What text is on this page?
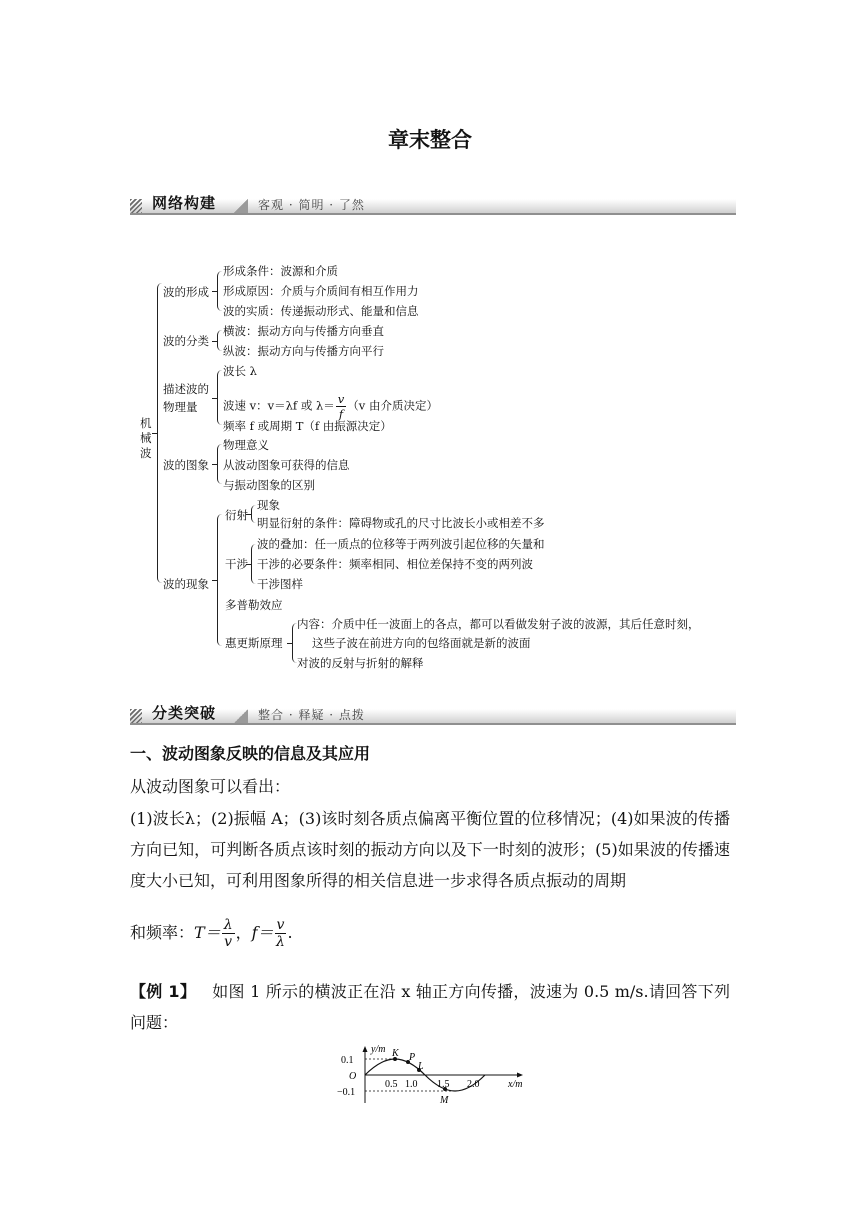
章末整合
网络构建	客观 · 简明 · 了然
机
械
波
波的形成
形成条件：波源和介质
形成原因：介质与介质间有相互作用力
波的实质：传递振动形式、能量和信息
波的分类
横波：振动方向与传播方向垂直
纵波：振动方向与传播方向平行
描述波的
物理量
波长 λ
波速 v：v＝λf 或 $\lambda= \frac{v}{f} (v$ 由介质决定）
频率 f 或周期 T（f 由振源决定）
波的图象
物理意义
从波动图象可获得的信息
与振动图象的区别
波的现象
衍射
现象
明显衍射的条件：障碍物或孔的尺寸比波长小或相差不多
干涉
波的叠加：任一质点的位移等于两列波引起位移的矢量和
干涉的必要条件：频率相同、相位差保持不变的两列波
干涉图样
多普勒效应
惠更斯原理
内容：介质中任一波面上的各点，都可以看做发射子波的波源，其后任意时刻，
这些子波在前进方向的包络面就是新的波面
对波的反射与折射的解释
分类突破	整合 · 释疑 · 点拨
一、波动图象反映的信息及其应用
从波动图象可以看出：
(1)波长λ；(2)振幅 A；(3)该时刻各质点偏离平衡位置的位移情况；(4)如果波的传播方向已知，可判断各质点该时刻的振动方向以及下一时刻的波形；(5)如果波的传播速度大小已知，可利用图象所得的相关信息进一步求得各质点振动的周期
和频率：$T= \frac{\lambda}{v}$ ，$f= \frac{v}{\lambda}$ .
【例 1】 如图 1 所示的横波正在沿 x 轴正方向传播，波速为 0.5 m/s.请回答下列问题：
y/m
x/m
0.1
O
−0.1
0.5 1.0 1.5 2.0
K P
L
M
